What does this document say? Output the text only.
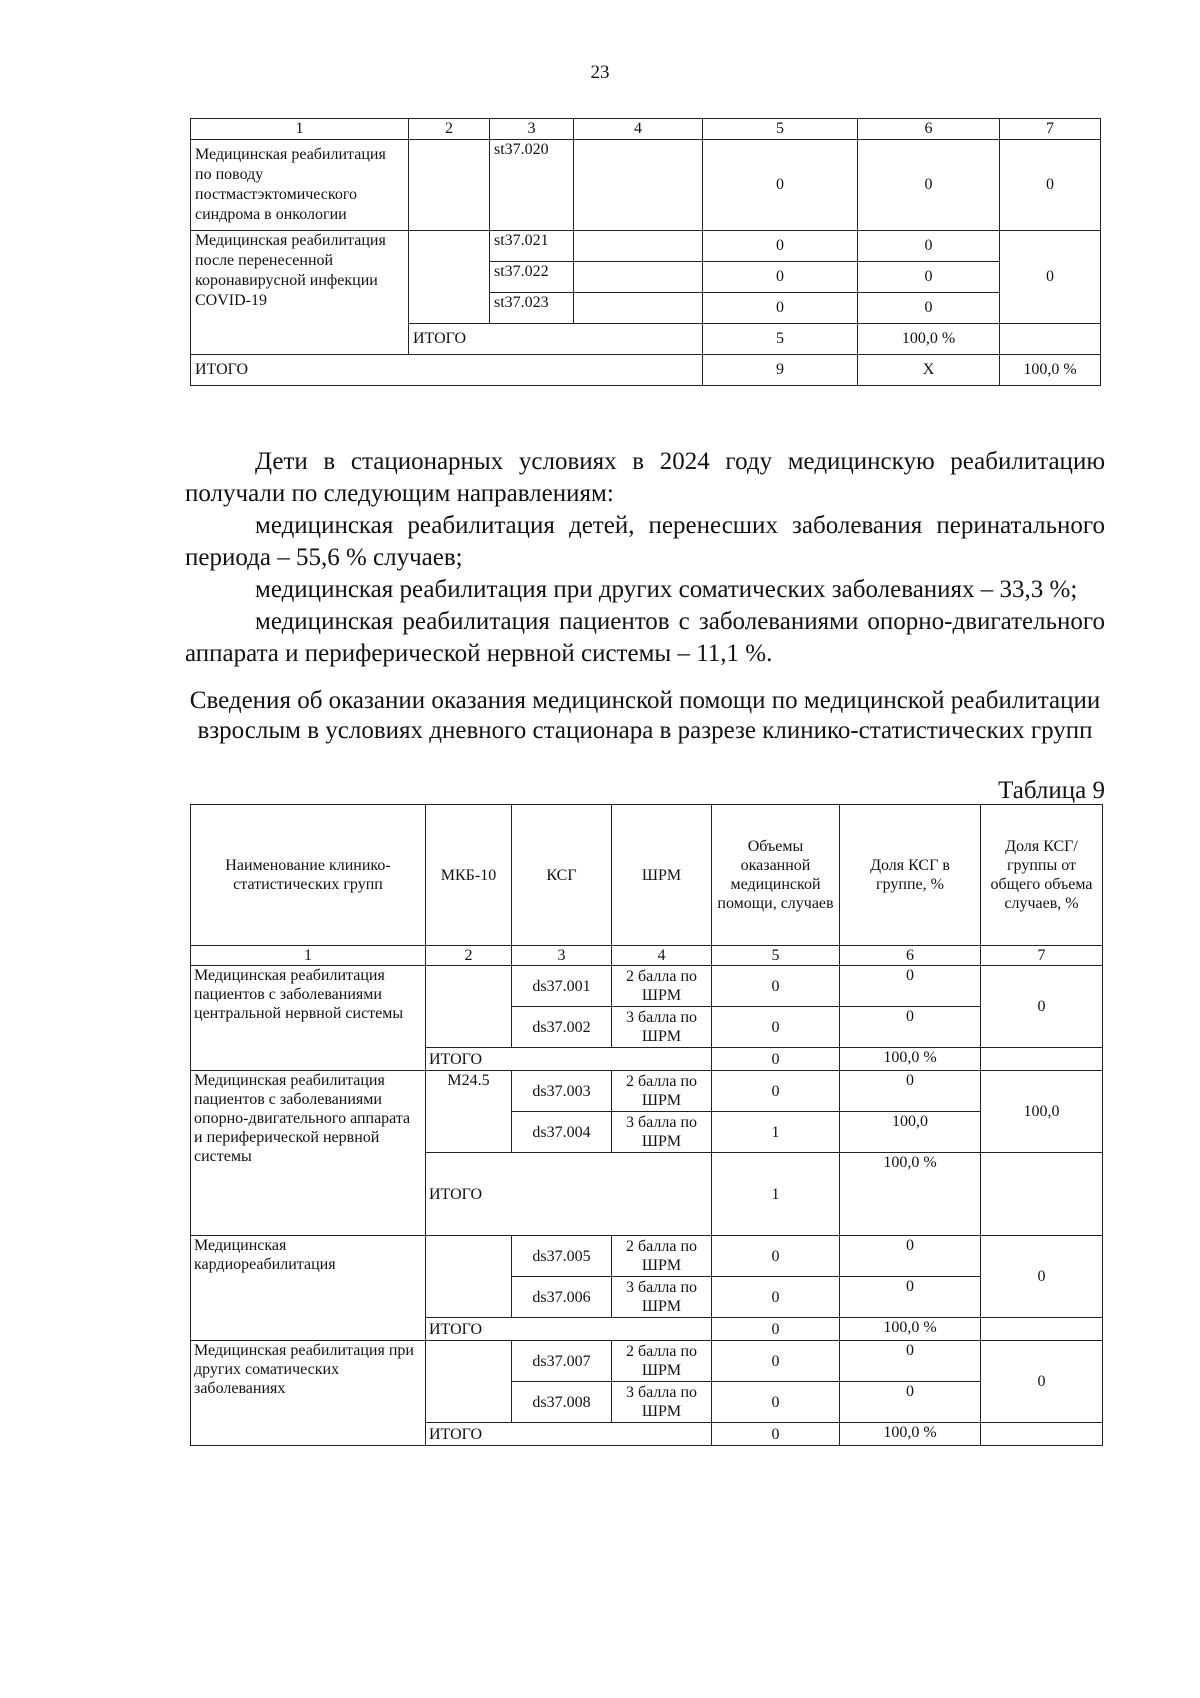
23
1	2	3	4	5	6	7
Медицинская реабилитация по поводу постмастэктомического синдрома в онкологии		st37.020		0	0	0
Медицинская реабилитация после перенесенной коронавирусной инфекции COVID-19		st37.021		0	0	0
		st37.022		0	0	
		st37.023		0	0	
	ИТОГО			5	100,0 %	
ИТОГО				9	Х	100,0 %
Дети в стационарных условиях в 2024 году медицинскую реабилитацию получали по следующим направлениям:
медицинская реабилитация детей, перенесших заболевания перинатального периода – 55,6 % случаев;
медицинская реабилитация при других соматических заболеваниях – 33,3 %;
медицинская реабилитация пациентов с заболеваниями опорно-двигательного аппарата и периферической нервной системы – 11,1 %.
Сведения об оказании оказания медицинской помощи по медицинской реабилитации взрослым в условиях дневного стационара в разрезе клинико-статистических групп
Таблица 9
Наименование клинико-статистических групп	МКБ-10	КСГ	ШРМ	Объемы оказанной медицинской помощи, случаев	Доля КСГ в группе, %	Доля КСГ/группы от общего объема случаев, %
1	2	3	4	5	6	7
Медицинская реабилитация пациентов с заболеваниями центральной нервной системы		ds37.001	2 балла по ШРМ	0	0	0
		ds37.002	3 балла по ШРМ	0	0	
	ИТОГО			0	100,0 %	
Медицинская реабилитация пациентов с заболеваниями опорно-двигательного аппарата и периферической нервной системы	M24.5	ds37.003	2 балла по ШРМ	0	0	100,0
		ds37.004	3 балла по ШРМ	1	100,0	
	ИТОГО			1	100,0 %	
Медицинская кардиореабилитация		ds37.005	2 балла по ШРМ	0	0	0
		ds37.006	3 балла по ШРМ	0	0	
	ИТОГО			0	100,0 %	
Медицинская реабилитация при других соматических заболеваниях		ds37.007	2 балла по ШРМ	0	0	0
		ds37.008	3 балла по ШРМ	0	0	
	ИТОГО			0	100,0 %	
